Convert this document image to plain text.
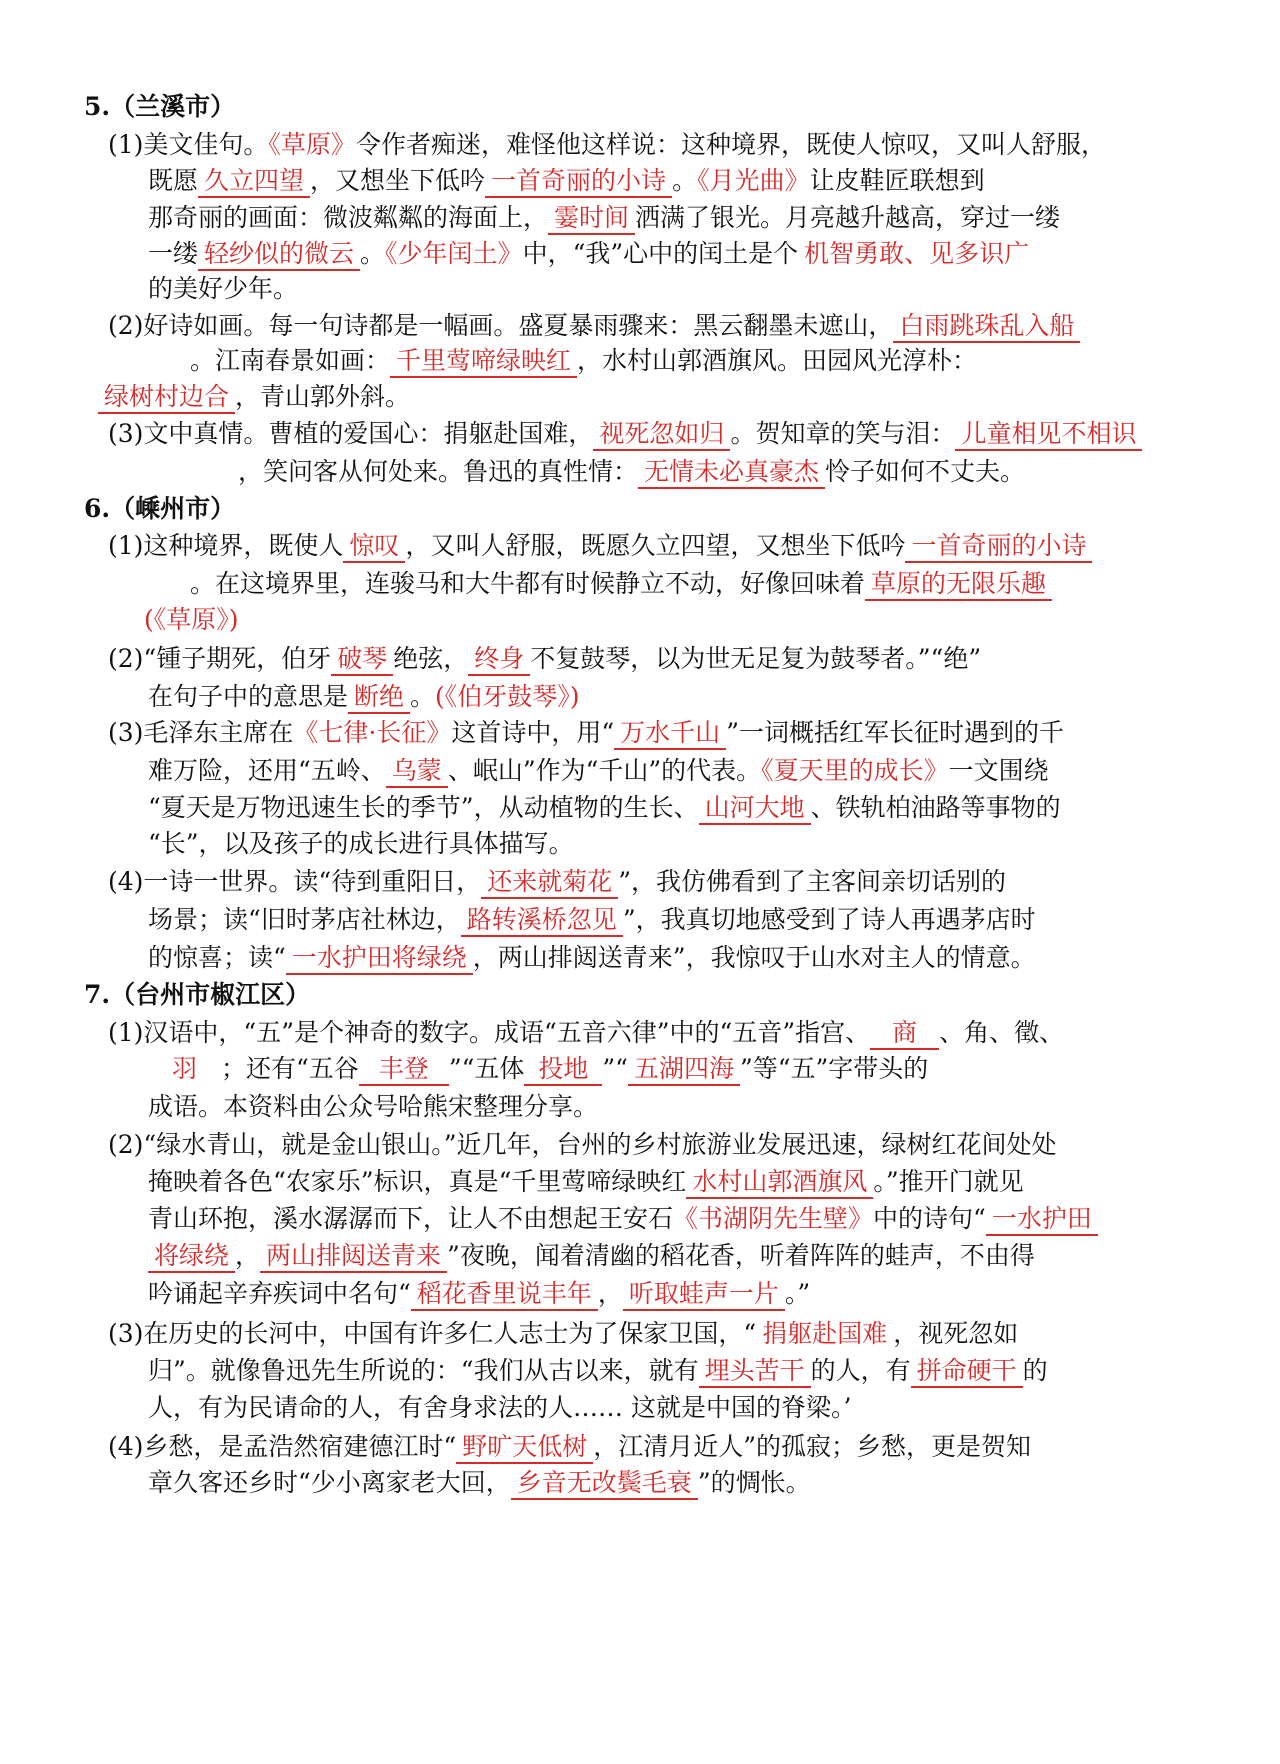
5.（兰溪市）
(1)美文佳句。《草原》令作者痴迷，难怪他这样说：这种境界，既使人惊叹，又叫人舒服，
既愿 久立四望 ，又想坐下低吟 一首奇丽的小诗 。《月光曲》让皮鞋匠联想到
那奇丽的画面：微波粼粼的海面上， 霎时间 洒满了银光。月亮越升越高，穿过一缕
一缕 轻纱似的微云 。《少年闰土》中，“我”心中的闰土是个 机智勇敢、见多识广
的美好少年。
(2)好诗如画。每一句诗都是一幅画。盛夏暴雨骤来：黑云翻墨未遮山， 白雨跳珠乱入船
。江南春景如画： 千里莺啼绿映红 ，水村山郭酒旗风。田园风光淳朴：
绿树村边合 ，青山郭外斜。
(3)文中真情。曹植的爱国心：捐躯赴国难， 视死忽如归 。贺知章的笑与泪： 儿童相见不相识
，笑问客从何处来。鲁迅的真性情： 无情未必真豪杰 怜子如何不丈夫。
6.（嵊州市）
(1)这种境界，既使人 惊叹 ，又叫人舒服，既愿久立四望，又想坐下低吟 一首奇丽的小诗
。在这境界里，连骏马和大牛都有时候静立不动，好像回味着 草原的无限乐趣
(《草原》)
(2)“锺子期死，伯牙 破琴 绝弦， 终身 不复鼓琴，以为世无足复为鼓琴者。”“绝”
在句子中的意思是 断绝 。(《伯牙鼓琴》)
(3)毛泽东主席在《七律·长征》这首诗中，用“ 万水千山 ”一词概括红军长征时遇到的千
难万险，还用“五岭、 乌蒙 、岷山”作为“千山”的代表。《夏天里的成长》一文围绕
“夏天是万物迅速生长的季节”，从动植物的生长、 山河大地 、铁轨柏油路等事物的
“长”，以及孩子的成长进行具体描写。
(4)一诗一世界。读“待到重阳日， 还来就菊花 ”，我仿佛看到了主客间亲切话别的
场景；读“旧时茅店社林边， 路转溪桥忽见 ”，我真切地感受到了诗人再遇茅店时
的惊喜；读“ 一水护田将绿绕 ，两山排闼送青来”，我惊叹于山水对主人的情意。
7.（台州市椒江区）
(1)汉语中，“五”是个神奇的数字。成语“五音六律”中的“五音”指宫、 商 、角、徵、
羽 ；还有“五谷 丰登 ”“五体 投地 ”“ 五湖四海 ”等“五”字带头的
成语。本资料由公众号哈熊宋整理分享。
(2)“绿水青山，就是金山银山。”近几年，台州的乡村旅游业发展迅速，绿树红花间处处
掩映着各色“农家乐”标识，真是“千里莺啼绿映红 水村山郭酒旗风 。”推开门就见
青山环抱，溪水潺潺而下，让人不由想起王安石《书湖阴先生壁》中的诗句“ 一水护田
将绿绕 ， 两山排闼送青来 ”夜晚，闻着清幽的稻花香，听着阵阵的蛙声，不由得
吟诵起辛弃疾词中名句“ 稻花香里说丰年 ， 听取蛙声一片 。”
(3)在历史的长河中，中国有许多仁人志士为了保家卫国，“ 捐躯赴国难 ，视死忽如
归”。就像鲁迅先生所说的：“我们从古以来，就有 埋头苦干 的人，有 拼命硬干 的
人，有为民请命的人，有舍身求法的人…… 这就是中国的脊梁。’
(4)乡愁，是孟浩然宿建德江时“ 野旷天低树 ，江清月近人”的孤寂；乡愁，更是贺知
章久客还乡时“少小离家老大回， 乡音无改鬓毛衰 ”的惆怅。
